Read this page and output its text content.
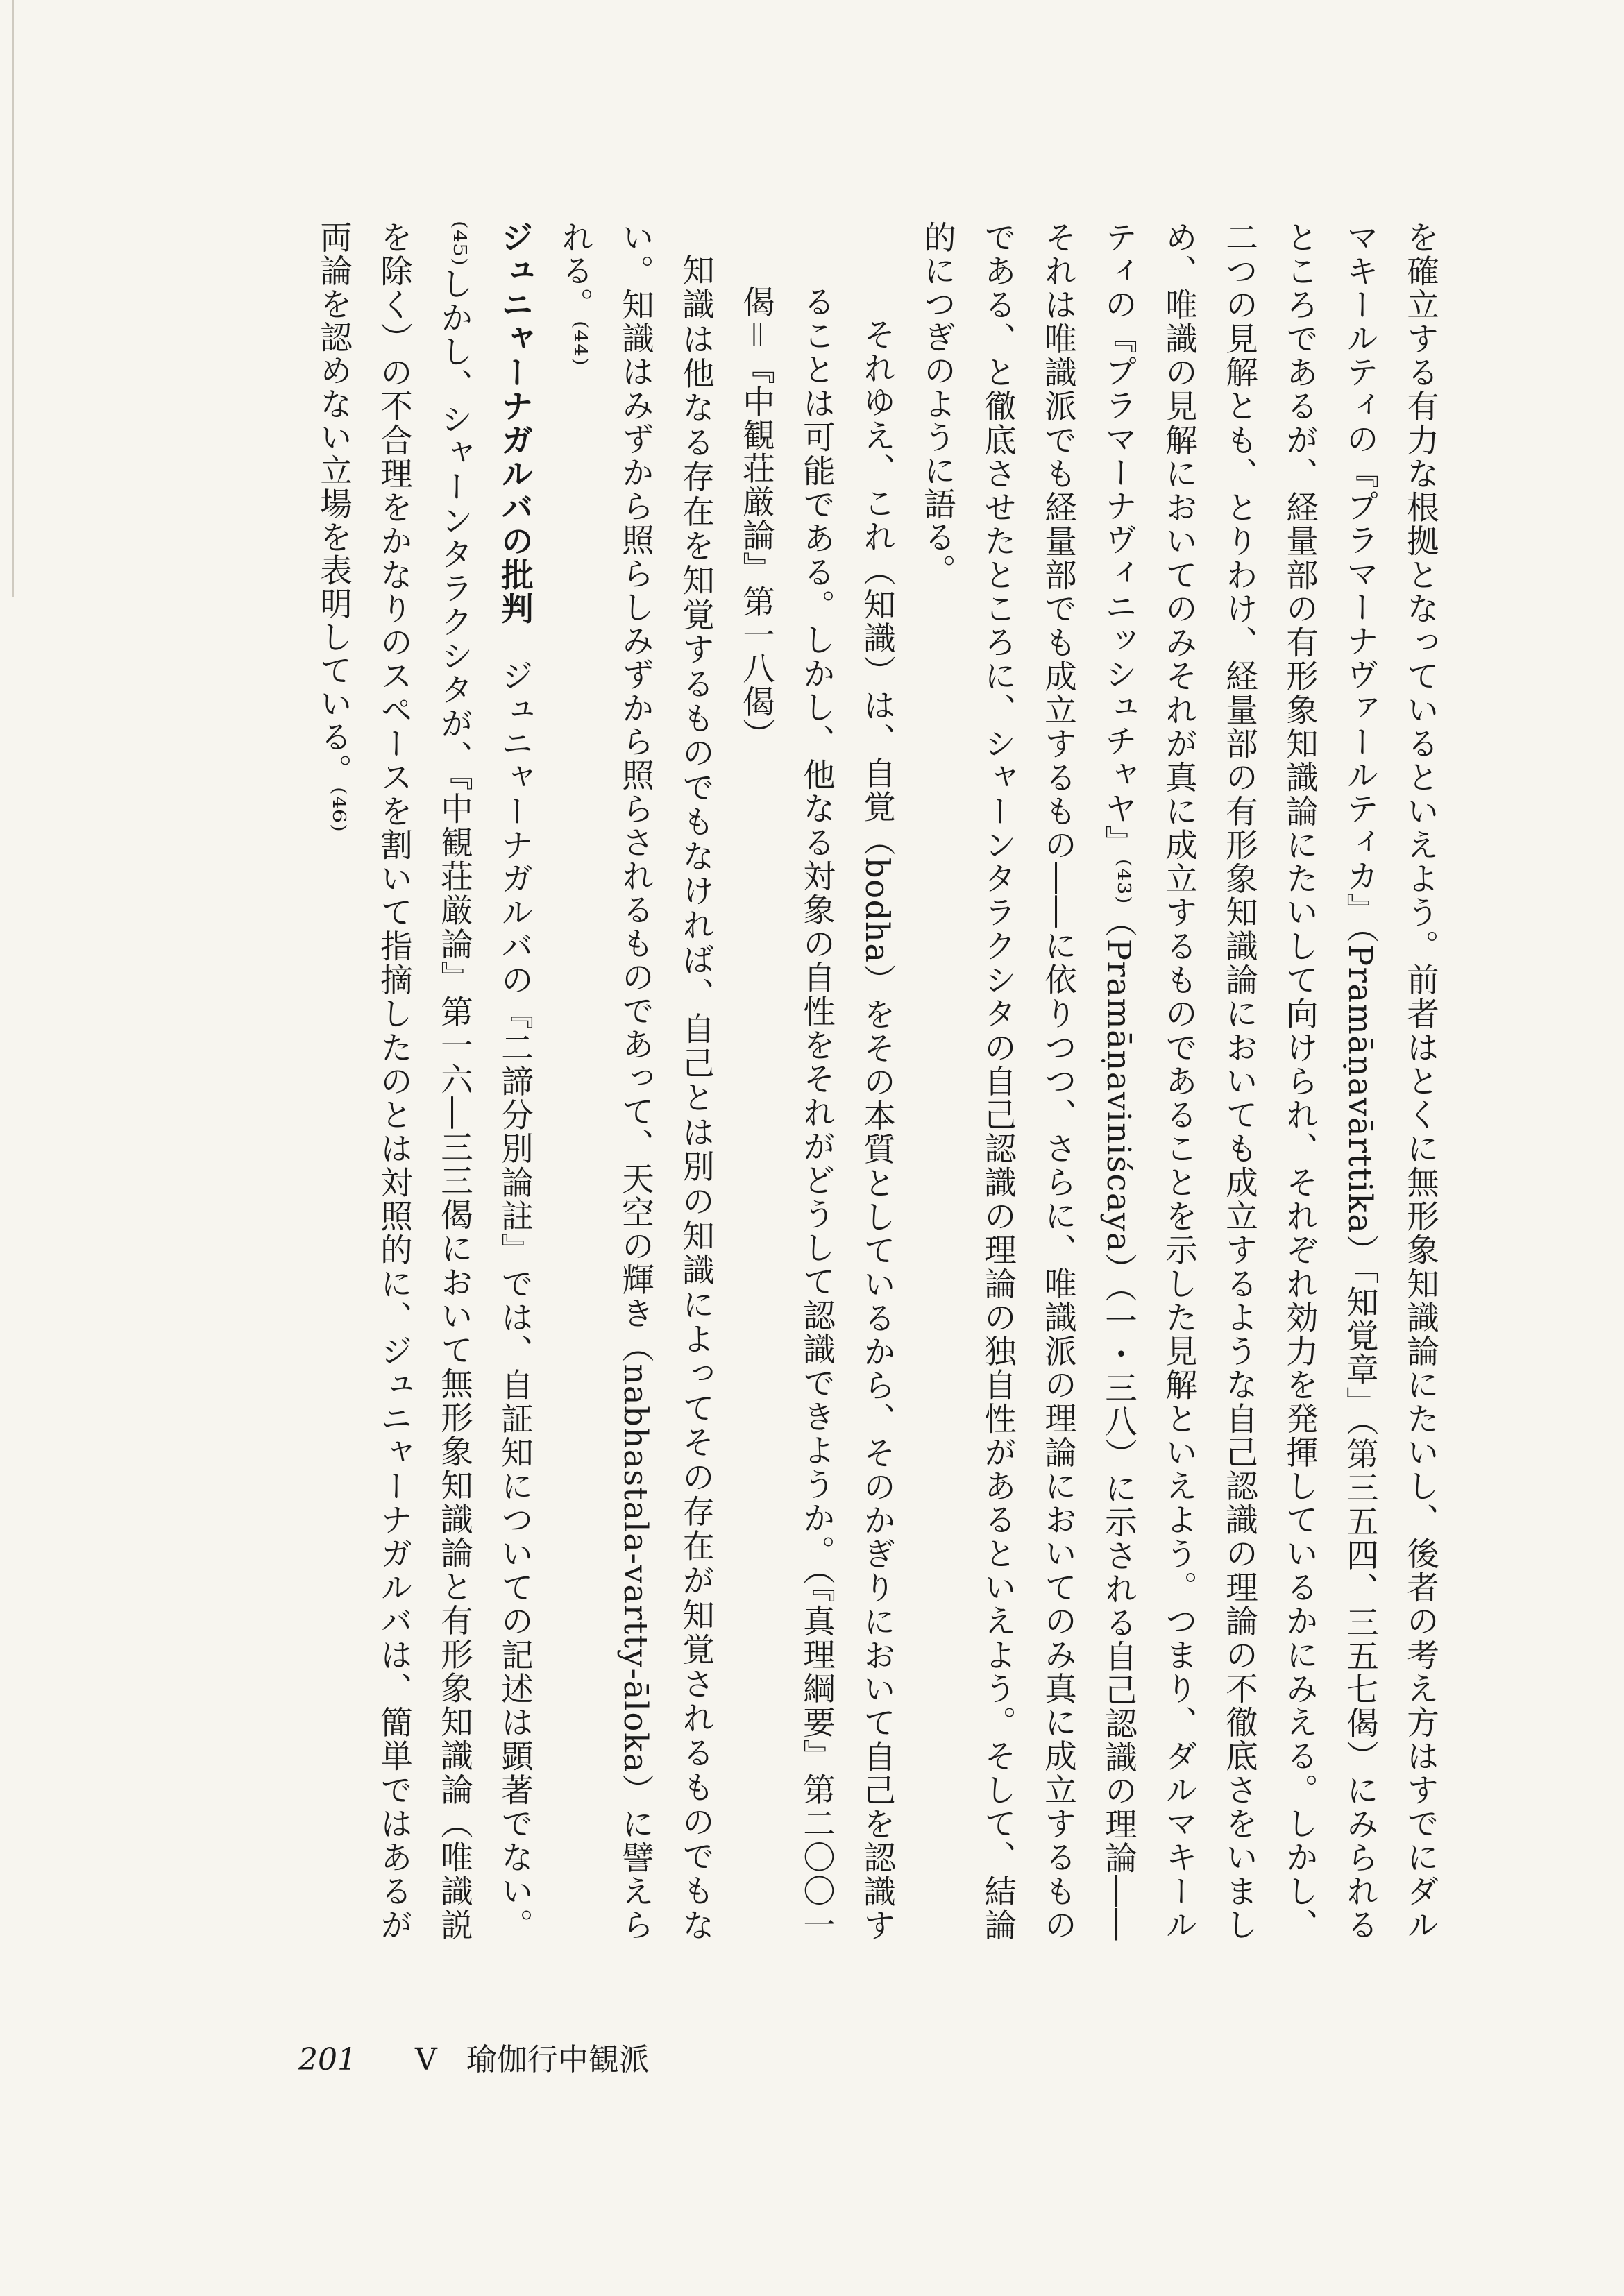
を確立する有力な根拠となっているといえよう。前者はとくに無形象知識論にたいし、後者の考え方はすでにダルマキールティの『プラマーナヴァールティカ』（Pramāṇavārttika）「知覚章」（第三五四、三五七偈）にみられるところであるが、経量部の有形象知識論にたいして向けられ、それぞれ効力を発揮しているかにみえる。しかし、二つの見解とも、とりわけ、経量部の有形象知識論においても成立するような自己認識の理論の不徹底さをいましめ、唯識の見解においてのみそれが真に成立するものであることを示した見解といえよう。つまり、ダルマキールティの『プラマーナヴィニッシュチャヤ』⁽⁴³⁾（Pramāṇaviniścaya）（一・三八）に示される自己認識の理論――それは唯識派でも経量部でも成立するもの――に依りつつ、さらに、唯識派の理論においてのみ真に成立するものである、と徹底させたところに、シャーンタラクシタの自己認識の理論の独自性があるといえよう。そして、結論的につぎのように語る。

それゆえ、これ（知識）は、自覚（bodha）をその本質としているから、そのかぎりにおいて自己を認識することは可能である。しかし、他なる対象の自性をそれがどうして認識できようか。（『真理綱要』第二〇〇一偈＝『中観荘厳論』第一八偈）

知識は他なる存在を知覚するものでもなければ、自己とは別の知識によってその存在が知覚されるものでもない。知識はみずから照らしみずから照らされるものであって、天空の輝き（nabhastala-vartty-āloka）に譬えられる。⁽⁴⁴⁾

ジュニャーナガルバの批判　ジュニャーナガルバの『二諦分別論註』では、自証知についての記述は顕著でない。⁽⁴⁵⁾しかし、シャーンタラクシタが、『中観荘厳論』第一六―三三偈において無形象知識論と有形象知識論（唯識説を除く）の不合理をかなりのスペースを割いて指摘したのとは対照的に、ジュニャーナガルバは、簡単ではあるが両論を認めない立場を表明している。⁽⁴⁶⁾

201 V 瑜伽行中観派
